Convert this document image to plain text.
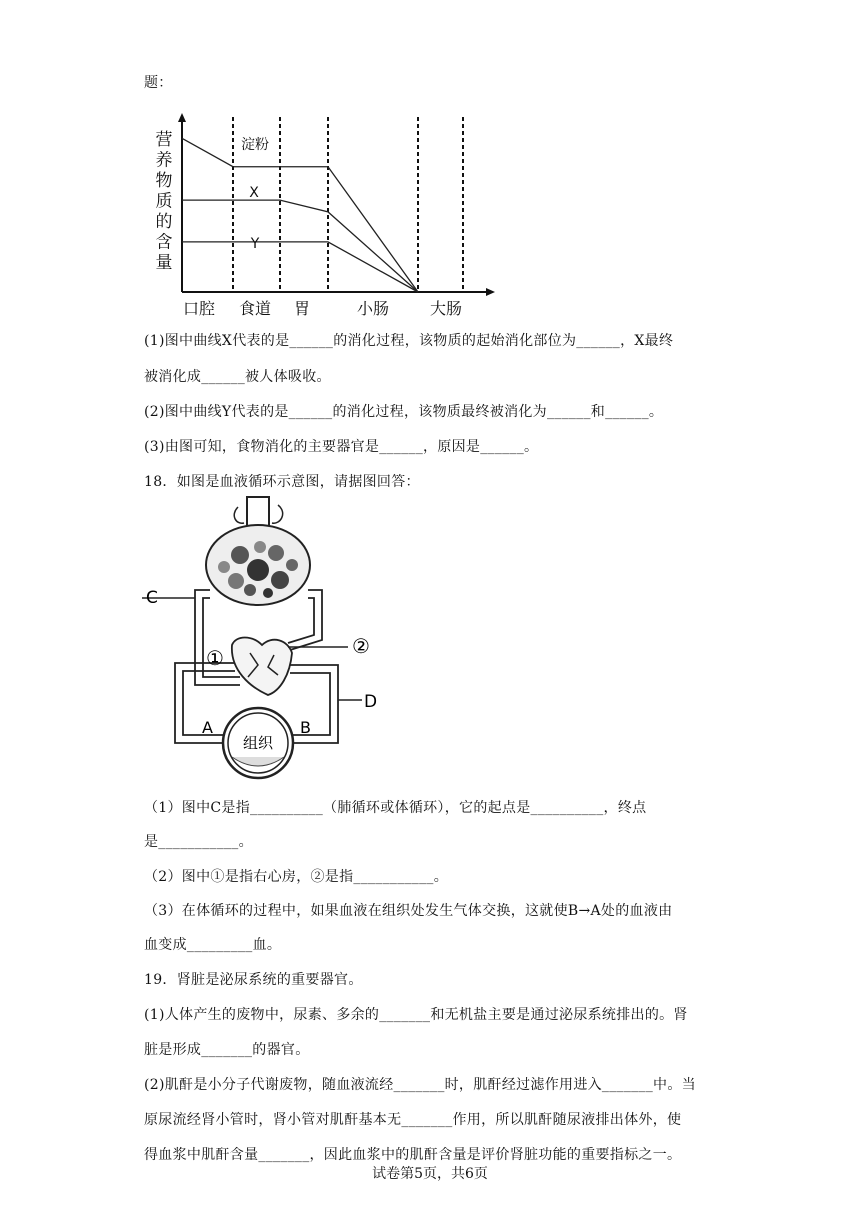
题：
营
养
物
质
的
含
量
口腔 食道 胃	小肠	大肠
淀粉
X
Y
(1)图中曲线X代表的是______的消化过程，该物质的起始消化部位为______，X最终
被消化成______被人体吸收。
(2)图中曲线Y代表的是______的消化过程，该物质最终被消化为______和______。
(3)由图可知，食物消化的主要器官是______，原因是______。
18．如图是血液循环示意图，请据图回答：
组织
C
②
①
D
A	B
（1）图中C是指__________（肺循环或体循环），它的起点是__________，终点
是___________。
（2）图中①是指右心房，②是指___________。
（3）在体循环的过程中，如果血液在组织处发生气体交换，这就使B→A处的血液由
血变成_________血。
19．肾脏是泌尿系统的重要器官。
(1)人体产生的废物中，尿素、多余的_______和无机盐主要是通过泌尿系统排出的。肾
脏是形成_______的器官。
(2)肌酐是小分子代谢废物，随血液流经_______时，肌酐经过滤作用进入_______中。当
原尿流经肾小管时，肾小管对肌酐基本无_______作用，所以肌酐随尿液排出体外，使
得血浆中肌酐含量_______，因此血浆中的肌酐含量是评价肾脏功能的重要指标之一。
试卷第5页，共6页
